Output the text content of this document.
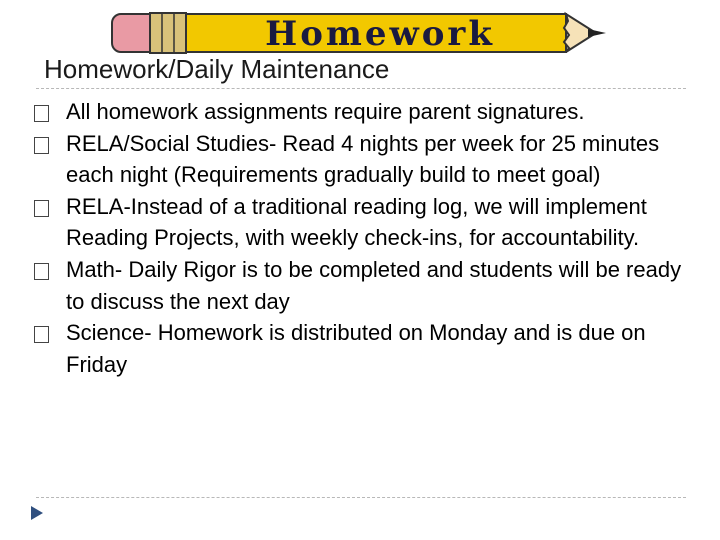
Homework
Homework/Daily Maintenance
All homework assignments require parent signatures.
RELA/Social Studies- Read 4 nights per week for 25 minutes each night (Requirements gradually build to meet goal)
RELA-Instead of a traditional reading log, we will implement Reading Projects, with weekly check-ins, for accountability.
Math- Daily Rigor is to be completed and students will be ready to discuss the next day
Science- Homework is distributed on Monday and is due on Friday
